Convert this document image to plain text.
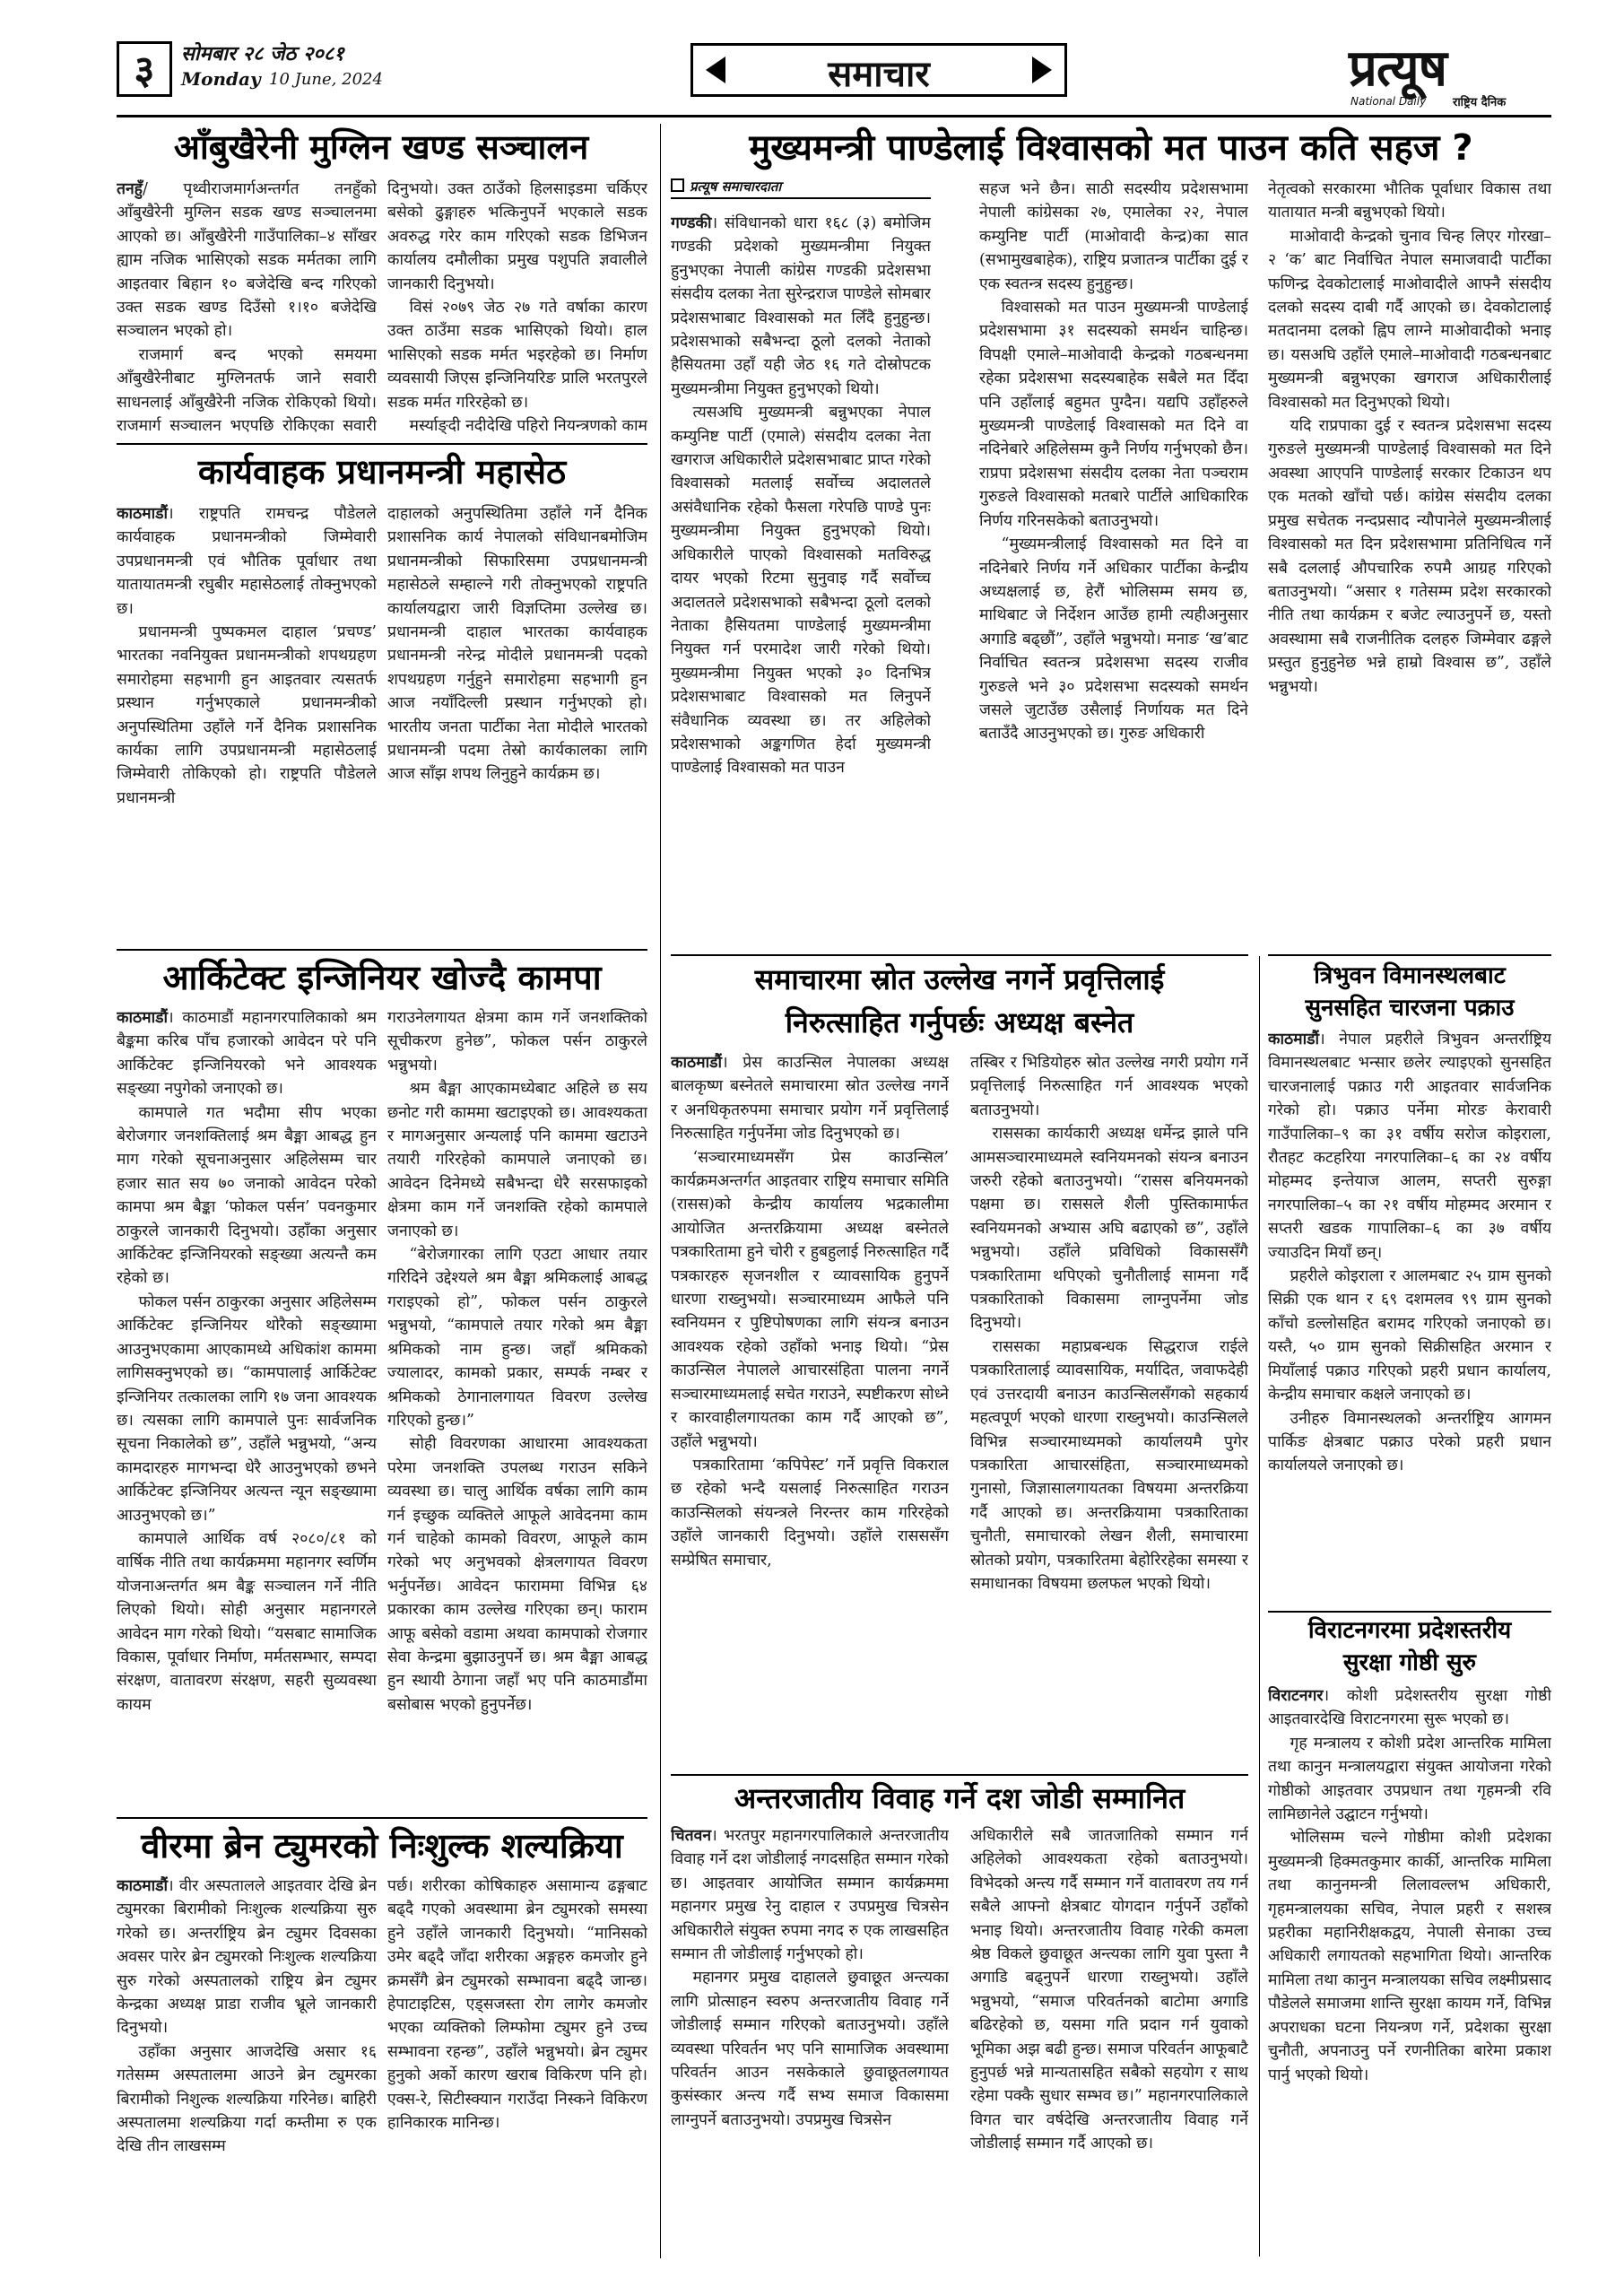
३	सोमबार २८ जेठ २०८१
Monday 10 June, 2024	समाचार	प्रत्यूष
National Daily राष्ट्रिय दैनिक
आँबुखैरेनी मुग्लिन खण्ड सञ्चालन

तनहुँ/ पृथ्वीराजमार्गअन्तर्गत तनहुँको आँबुखैरेनी मुग्लिन सडक खण्ड सञ्चालनमा आएको छ। आँबुखैरेनी गाउँपालिका–४ साँखर ह्याम नजिक भासिएको सडक मर्मतका लागि आइतवार बिहान १० बजेदेखि बन्द गरिएको उक्त सडक खण्ड दिउँसो १।१० बजेदेखि सञ्चालन भएको हो।
राजमार्ग बन्द भएको समयमा आँबुखैरेनीबाट मुग्लिनतर्फ जाने सवारी साधनलाई आँबुखैरेनी नजिक रोकिएको थियो। राजमार्ग सञ्चालन भएपछि रोकिएका सवारी

दिनुभयो। उक्त ठाउँको हिलसाइडमा चर्किएर बसेको ढुङ्गाहरु भत्किनुपर्ने भएकाले सडक अवरुद्ध गरेर काम गरिएको सडक डिभिजन कार्यालय दमौलीका प्रमुख पशुपति ज्ञवालीले जानकारी दिनुभयो।
विसं २०७९ जेठ २७ गते वर्षाका कारण उक्त ठाउँमा सडक भासिएको थियो। हाल भासिएको सडक मर्मत भइरहेको छ। निर्माण व्यवसायी जिएस इन्जिनियरिङ प्रालि भरतपुरले सडक मर्मत गरिरहेको छ।
मर्स्याङ्दी नदीदेखि पहिरो नियन्त्रणको काम

कार्यवाहक प्रधानमन्त्री महासेठ

काठमाडौं। राष्ट्रपति रामचन्द्र पौडेलले कार्यवाहक प्रधानमन्त्रीको जिम्मेवारी उपप्रधानमन्त्री एवं भौतिक पूर्वाधार तथा यातायातमन्त्री रघुबीर महासेठलाई तोक्नुभएको छ।
प्रधानमन्त्री पुष्पकमल दाहाल ‘प्रचण्ड’ भारतका नवनियुक्त प्रधानमन्त्रीको शपथग्रहण समारोहमा सहभागी हुन आइतवार त्यसतर्फ प्रस्थान गर्नुभएकाले प्रधानमन्त्रीको अनुपस्थितिमा उहाँले गर्ने दैनिक प्रशासनिक कार्यका लागि उपप्रधानमन्त्री महासेठलाई जिम्मेवारी तोकिएको हो। राष्ट्रपति पौडेलले प्रधानमन्त्री

दाहालको अनुपस्थितिमा उहाँले गर्ने दैनिक प्रशासनिक कार्य नेपालको संविधानबमोजिम प्रधानमन्त्रीको सिफारिसमा उपप्रधानमन्त्री महासेठले सम्हाल्ने गरी तोक्नुभएको राष्ट्रपति कार्यालयद्वारा जारी विज्ञप्तिमा उल्लेख छ। प्रधानमन्त्री दाहाल भारतका कार्यवाहक प्रधानमन्त्री नरेन्द्र मोदीले प्रधानमन्त्री पदको शपथग्रहण गर्नुहुने समारोहमा सहभागी हुन आज नयाँदिल्ली प्रस्थान गर्नुभएको हो। भारतीय जनता पार्टीका नेता मोदीले भारतको प्रधानमन्त्री पदमा तेस्रो कार्यकालका लागि आज साँझ शपथ लिनुहुने कार्यक्रम छ।

आर्किटेक्ट इन्जिनियर खोज्दै कामपा

काठमाडौं। काठमाडौं महानगरपालिकाको श्रम बैङ्कमा करिब पाँच हजारको आवेदन परे पनि आर्किटेक्ट इन्जिनियरको भने आवश्यक सङ्ख्या नपुगेको जनाएको छ।
कामपाले गत भदौमा सीप भएका बेरोजगार जनशक्तिलाई श्रम बैङ्मा आबद्ध हुन माग गरेको सूचनाअनुसार अहिलेसम्म चार हजार सात सय ७० जनाको आवेदन परेको कामपा श्रम बैङ्का ‘फोकल पर्सन’ पवनकुमार ठाकुरले जानकारी दिनुभयो। उहाँका अनुसार आर्किटेक्ट इन्जिनियरको सङ्ख्या अत्यन्तै कम रहेको छ।
फोकल पर्सन ठाकुरका अनुसार अहिलेसम्म आर्किटेक्ट इन्जिनियर थोरैको सङ्ख्यामा आउनुभएकामा आएकामध्ये अधिकांश काममा लागिसक्नुभएको छ। “कामपालाई आर्किटेक्ट इन्जिनियर तत्कालका लागि १७ जना आवश्यक छ। त्यसका लागि कामपाले पुनः सार्वजनिक सूचना निकालेको छ”, उहाँले भन्नुभयो, “अन्य कामदारहरु मागभन्दा धेरै आउनुभएको छभने आर्किटेक्ट इन्जिनियर अत्यन्त न्यून सङ्ख्यामा आउनुभएको छ।”
कामपाले आर्थिक वर्ष २०८०/८१ को वार्षिक नीति तथा कार्यक्रममा महानगर स्वर्णिम योजनाअन्तर्गत श्रम बैङ्क सञ्चालन गर्ने नीति लिएको थियो। सोही अनुसार महानगरले आवेदन माग गरेको थियो। “यसबाट सामाजिक विकास, पूर्वाधार निर्माण, मर्मतसम्भार, सम्पदा संरक्षण, वातावरण संरक्षण, सहरी सुव्यवस्था कायम

गराउनेलगायत क्षेत्रमा काम गर्ने जनशक्तिको सूचीकरण हुनेछ”, फोकल पर्सन ठाकुरले भन्नुभयो।
श्रम बैङ्मा आएकामध्येबाट अहिले छ सय छनोट गरी काममा खटाइएको छ। आवश्यकता र मागअनुसार अन्यलाई पनि काममा खटाउने तयारी गरिरहेको कामपाले जनाएको छ। आवेदन दिनेमध्ये सबैभन्दा धेरै सरसफाइको क्षेत्रमा काम गर्ने जनशक्ति रहेको कामपाले जनाएको छ।
“बेरोजगारका लागि एउटा आधार तयार गरिदिने उद्देश्यले श्रम बैङ्मा श्रमिकलाई आबद्ध गराइएको हो”, फोकल पर्सन ठाकुरले भन्नुभयो, “कामपाले तयार गरेको श्रम बैङ्मा श्रमिकको नाम हुन्छ। जहाँ श्रमिकको ज्यालादर, कामको प्रकार, सम्पर्क नम्बर र श्रमिकको ठेगानालगायत विवरण उल्लेख गरिएको हुन्छ।”
सोही विवरणका आधारमा आवश्यकता परेमा जनशक्ति उपलब्ध गराउन सकिने व्यवस्था छ। चालु आर्थिक वर्षका लागि काम गर्न इच्छुक व्यक्तिले आफूले आवेदनमा काम गर्न चाहेको कामको विवरण, आफूले काम गरेको भए अनुभवको क्षेत्रलगायत विवरण भर्नुपर्नेछ। आवेदन फाराममा विभिन्न ६४ प्रकारका काम उल्लेख गरिएका छन्। फाराम आफू बसेको वडामा अथवा कामपाको रोजगार सेवा केन्द्रमा बुझाउनुपर्ने छ। श्रम बैङ्मा आबद्ध हुन स्थायी ठेगाना जहाँ भए पनि काठमाडौंमा बसोबास भएको हुनुपर्नेछ।

वीरमा ब्रेन ट्युमरको निःशुल्क शल्यक्रिया

काठमाडौं। वीर अस्पतालले आइतवार देखि ब्रेन ट्युमरका बिरामीको निःशुल्क शल्यक्रिया सुरु गरेको छ। अन्तर्राष्ट्रिय ब्रेन ट्युमर दिवसका अवसर पारेर ब्रेन ट्युमरको निःशुल्क शल्यक्रिया सुरु गरेको अस्पतालको राष्ट्रिय ब्रेन ट्युमर केन्द्रका अध्यक्ष प्राडा राजीव भ्रूले जानकारी दिनुभयो।
उहाँका अनुसार आजदेखि असार १६ गतेसम्म अस्पतालमा आउने ब्रेन ट्युमरका बिरामीको निशुल्क शल्यक्रिया गरिनेछ। बाहिरी अस्पतालमा शल्यक्रिया गर्दा कम्तीमा रु एक देखि तीन लाखसम्म

पर्छ। शरीरका कोषिकाहरु असामान्य ढङ्गबाट बढ्दै गएको अवस्थामा ब्रेन ट्युमरको समस्या हुने उहाँले जानकारी दिनुभयो। “मानिसको उमेर बढ्दै जाँदा शरीरका अङ्गहरु कमजोर हुने क्रमसँगै ब्रेन ट्युमरको सम्भावना बढ्दै जान्छ। हेपाटाइटिस, एड्सजस्ता रोग लागेर कमजोर भएका व्यक्तिको लिम्फोमा ट्युमर हुने उच्च सम्भावना रहन्छ”, उहाँले भन्नुभयो। ब्रेन ट्युमर हुनुको अर्को कारण खराब विकिरण पनि हो। एक्स-रे, सिटीस्क्यान गराउँदा निस्कने विकिरण हानिकारक मानिन्छ।

मुख्यमन्त्री पाण्डेलाई विश्वासको मत पाउन कति सहज ?
प्रत्यूष समाचारदाता

गण्डकी। संविधानको धारा १६८ (३) बमोजिम गण्डकी प्रदेशको मुख्यमन्त्रीमा नियुक्त हुनुभएका नेपाली कांग्रेस गण्डकी प्रदेशसभा संसदीय दलका नेता सुरेन्द्रराज पाण्डेले सोमबार प्रदेशसभाबाट विश्वासको मत लिँदै हुनुहुन्छ। प्रदेशसभाको सबैभन्दा ठूलो दलको नेताको हैसियतमा उहाँ यही जेठ १६ गते दोस्रोपटक मुख्यमन्त्रीमा नियुक्त हुनुभएको थियो।
त्यसअघि मुख्यमन्त्री बन्नुभएका नेपाल कम्युनिष्ट पार्टी (एमाले) संसदीय दलका नेता खगराज अधिकारीले प्रदेशसभाबाट प्राप्त गरेको विश्वासको मतलाई सर्वोच्च अदालतले असंवैधानिक रहेको फैसला गरेपछि पाण्डे पुनः मुख्यमन्त्रीमा नियुक्त हुनुभएको थियो। अधिकारीले पाएको विश्वासको मतविरुद्ध दायर भएको रिटमा सुनुवाइ गर्दै सर्वोच्च अदालतले प्रदेशसभाको सबैभन्दा ठूलो दलको नेताका हैसियतमा पाण्डेलाई मुख्यमन्त्रीमा नियुक्त गर्न परमादेश जारी गरेको थियो। मुख्यमन्त्रीमा नियुक्त भएको ३० दिनभित्र प्रदेशसभाबाट विश्वासको मत लिनुपर्ने संवैधानिक व्यवस्था छ। तर अहिलेको प्रदेशसभाको अङ्कगणित हेर्दा मुख्यमन्त्री पाण्डेलाई विश्वासको मत पाउन

सहज भने छैन। साठी सदस्यीय प्रदेशसभामा नेपाली कांग्रेसका २७, एमालेका २२, नेपाल कम्युनिष्ट पार्टी (माओवादी केन्द्र)का सात (सभामुखबाहेक), राष्ट्रिय प्रजातन्त्र पार्टीका दुई र एक स्वतन्त्र सदस्य हुनुहुन्छ।
विश्वासको मत पाउन मुख्यमन्त्री पाण्डेलाई प्रदेशसभामा ३१ सदस्यको समर्थन चाहिन्छ। विपक्षी एमाले–माओवादी केन्द्रको गठबन्धनमा रहेका प्रदेशसभा सदस्यबाहेक सबैले मत दिँदा पनि उहाँलाई बहुमत पुग्दैन। यद्यपि उहाँहरुले मुख्यमन्त्री पाण्डेलाई विश्वासको मत दिने वा नदिनेबारे अहिलेसम्म कुनै निर्णय गर्नुभएको छैन। राप्रपा प्रदेशसभा संसदीय दलका नेता पञ्चराम गुरुङले विश्वासको मतबारे पार्टीले आधिकारिक निर्णय गरिनसकेको बताउनुभयो।
“मुख्यमन्त्रीलाई विश्वासको मत दिने वा नदिनेबारे निर्णय गर्ने अधिकार पार्टीका केन्द्रीय अध्यक्षलाई छ, हेरौं भोलिसम्म समय छ, माथिबाट जे निर्देशन आउँछ हामी त्यहीअनुसार अगाडि बढ्छौं”, उहाँले भन्नुभयो। मनाङ ‘ख’बाट निर्वाचित स्वतन्त्र प्रदेशसभा सदस्य राजीव गुरुङले भने ३० प्रदेशसभा सदस्यको समर्थन जसले जुटाउँछ उसैलाई निर्णायक मत दिने बताउँदै आउनुभएको छ। गुरुङ अधिकारी

नेतृत्वको सरकारमा भौतिक पूर्वाधार विकास तथा यातायात मन्त्री बन्नुभएको थियो।
माओवादी केन्द्रको चुनाव चिन्ह लिएर गोरखा–२ ‘क’ बाट निर्वाचित नेपाल समाजवादी पार्टीका फणिन्द्र देवकोटालाई माओवादीले आफ्नै संसदीय दलको सदस्य दाबी गर्दै आएको छ। देवकोटालाई मतदानमा दलको ह्विप लाग्ने माओवादीको भनाइ छ। यसअघि उहाँले एमाले–माओवादी गठबन्धनबाट मुख्यमन्त्री बन्नुभएका खगराज अधिकारीलाई विश्वासको मत दिनुभएको थियो।
यदि राप्रपाका दुई र स्वतन्त्र प्रदेशसभा सदस्य गुरुङले मुख्यमन्त्री पाण्डेलाई विश्वासको मत दिने अवस्था आएपनि पाण्डेलाई सरकार टिकाउन थप एक मतको खाँचो पर्छ। कांग्रेस संसदीय दलका प्रमुख सचेतक नन्दप्रसाद न्यौपानेले मुख्यमन्त्रीलाई विश्वासको मत दिन प्रदेशसभामा प्रतिनिधित्व गर्ने सबै दललाई औपचारिक रुपमै आग्रह गरिएको बताउनुभयो। “असार १ गतेसम्म प्रदेश सरकारको नीति तथा कार्यक्रम र बजेट ल्याउनुपर्ने छ, यस्तो अवस्थामा सबै राजनीतिक दलहरु जिम्मेवार ढङ्गले प्रस्तुत हुनुहुनेछ भन्ने हाम्रो विश्वास छ”, उहाँले भन्नुभयो।

समाचारमा स्रोत उल्लेख नगर्ने प्रवृत्तिलाई
निरुत्साहित गर्नुपर्छः अध्यक्ष बस्नेत

काठमाडौं। प्रेस काउन्सिल नेपालका अध्यक्ष बालकृष्ण बस्नेतले समाचारमा स्रोत उल्लेख नगर्ने र अनधिकृतरुपमा समाचार प्रयोग गर्ने प्रवृत्तिलाई निरुत्साहित गर्नुपर्नेमा जोड दिनुभएको छ।
‘सञ्चारमाध्यमसँग प्रेस काउन्सिल’ कार्यक्रमअन्तर्गत आइतवार राष्ट्रिय समाचार समिति (रासस)को केन्द्रीय कार्यालय भद्रकालीमा आयोजित अन्तरक्रियामा अध्यक्ष बस्नेतले पत्रकारितामा हुने चोरी र हुबहुलाई निरुत्साहित गर्दै पत्रकारहरु सृजनशील र व्यावसायिक हुनुपर्ने धारणा राख्नुभयो। सञ्चारमाध्यम आफैले पनि स्वनियमन र पुष्टिपोषणका लागि संयन्त्र बनाउन आवश्यक रहेको उहाँको भनाइ थियो। “प्रेस काउन्सिल नेपालले आचारसंहिता पालना नगर्ने सञ्चारमाध्यमलाई सचेत गराउने, स्पष्टीकरण सोध्ने र कारवाहीलगायतका काम गर्दै आएको छ”, उहाँले भन्नुभयो।
पत्रकारितामा ‘कपिपेस्ट’ गर्ने प्रवृत्ति विकराल छ रहेको भन्दै यसलाई निरुत्साहित गराउन काउन्सिलको संयन्त्रले निरन्तर काम गरिरहेको उहाँले जानकारी दिनुभयो। उहाँले रासससँग सम्प्रेषित समाचार,

तस्बिर र भिडियोहरु स्रोत उल्लेख नगरी प्रयोग गर्ने प्रवृत्तिलाई निरुत्साहित गर्न आवश्यक भएको बताउनुभयो।
राससका कार्यकारी अध्यक्ष धर्मेन्द्र झाले पनि आमसञ्चारमाध्यमले स्वनियमनको संयन्त्र बनाउन जरुरी रहेको बताउनुभयो। “रासस बनियमनको पक्षमा छ। राससले शैली पुस्तिकामार्फत स्वनियमनको अभ्यास अघि बढाएको छ”, उहाँले भन्नुभयो। उहाँले प्रविधिको विकाससँगै पत्रकारितामा थपिएको चुनौतीलाई सामना गर्दै पत्रकारिताको विकासमा लाग्नुपर्नेमा जोड दिनुभयो।
राससका महाप्रबन्धक सिद्धराज राईले पत्रकारितालाई व्यावसायिक, मर्यादित, जवाफदेही एवं उत्तरदायी बनाउन काउन्सिलसँगको सहकार्य महत्वपूर्ण भएको धारणा राख्नुभयो। काउन्सिलले विभिन्न सञ्चारमाध्यमको कार्यालयमै पुगेर पत्रकारिता आचारसंहिता, सञ्चारमाध्यमको गुनासो, जिज्ञासालगायतका विषयमा अन्तरक्रिया गर्दै आएको छ। अन्तरक्रियामा पत्रकारिताका चुनौती, समाचारको लेखन शैली, समाचारमा स्रोतको प्रयोग, पत्रकारितमा बेहोरिरहेका समस्या र समाधानका विषयमा छलफल भएको थियो।

अन्तरजातीय विवाह गर्ने दश जोडी सम्मानित

चितवन। भरतपुर महानगरपालिकाले अन्तरजातीय विवाह गर्ने दश जोडीलाई नगदसहित सम्मान गरेको छ। आइतवार आयोजित सम्मान कार्यक्रममा महानगर प्रमुख रेनु दाहाल र उपप्रमुख चित्रसेन अधिकारीले संयुक्त रुपमा नगद रु एक लाखसहित सम्मान ती जोडीलाई गर्नुभएको हो।
महानगर प्रमुख दाहालले छुवाछूत अन्त्यका लागि प्रोत्साहन स्वरुप अन्तरजातीय विवाह गर्ने जोडीलाई सम्मान गरिएको बताउनुभयो। उहाँले व्यवस्था परिवर्तन भए पनि सामाजिक अवस्थामा परिवर्तन आउन नसकेकाले छुवाछूतलगायत कुसंस्कार अन्त्य गर्दै सभ्य समाज विकासमा लाग्नुपर्ने बताउनुभयो। उपप्रमुख चित्रसेन

अधिकारीले सबै जातजातिको सम्मान गर्न अहिलेको आवश्यकता रहेको बताउनुभयो। विभेदको अन्त्य गर्दै सम्मान गर्ने वातावरण तय गर्न सबैले आफ्नो क्षेत्रबाट योगदान गर्नुपर्ने उहाँको भनाइ थियो। अन्तरजातीय विवाह गरेकी कमला श्रेष्ठ विकले छुवाछूत अन्त्यका लागि युवा पुस्ता नै अगाडि बढ्नुपर्ने धारणा राख्नुभयो। उहाँले भन्नुभयो, “समाज परिवर्तनको बाटोमा अगाडि बढिरहेको छ, यसमा गति प्रदान गर्न युवाको भूमिका अझ बढी हुन्छ। समाज परिवर्तन आफूबाटै हुनुपर्छ भन्ने मान्यतासहित सबैको सहयोग र साथ रहेमा पक्कै सुधार सम्भव छ।” महानगरपालिकाले विगत चार वर्षदेखि अन्तरजातीय विवाह गर्ने जोडीलाई सम्मान गर्दै आएको छ।

त्रिभुवन विमानस्थलबाट
सुनसहित चारजना पक्राउ

काठमाडौं। नेपाल प्रहरीले त्रिभुवन अन्तर्राष्ट्रिय विमानस्थलबाट भन्सार छलेर ल्याइएको सुनसहित चारजनालाई पक्राउ गरी आइतवार सार्वजनिक गरेको हो। पक्राउ पर्नेमा मोरङ केरावारी गाउँपालिका–९ का ३१ वर्षीय सरोज कोइराला, रौतहट कटहरिया नगरपालिका–६ का २४ वर्षीय मोहम्मद इन्तेयाज आलम, सप्तरी सुरुङ्गा नगरपालिका–५ का २१ वर्षीय मोहम्मद अरमान र सप्तरी खडक गापालिका–६ का ३७ वर्षीय ज्याउदिन मियाँ छन्।
प्रहरीले कोइराला र आलमबाट २५ ग्राम सुनको सिक्री एक थान र ६९ दशमलव ९९ ग्राम सुनको काँचो डल्लोसहित बरामद गरिएको जनाएको छ। यस्तै, ५० ग्राम सुनको सिक्रीसहित अरमान र मियाँलाई पक्राउ गरिएको प्रहरी प्रधान कार्यालय, केन्द्रीय समाचार कक्षले जनाएको छ।
उनीहरु विमानस्थलको अन्तर्राष्ट्रिय आगमन पार्किङ क्षेत्रबाट पक्राउ परेको प्रहरी प्रधान कार्यालयले जनाएको छ।

विराटनगरमा प्रदेशस्तरीय
सुरक्षा गोष्ठी सुरु

विराटनगर। कोशी प्रदेशस्तरीय सुरक्षा गोष्ठी आइतवारदेखि विराटनगरमा सुरू भएको छ।
गृह मन्त्रालय र कोशी प्रदेश आन्तरिक मामिला तथा कानुन मन्त्रालयद्वारा संयुक्त आयोजना गरेको गोष्ठीको आइतवार उपप्रधान तथा गृहमन्त्री रवि लामिछानेले उद्घाटन गर्नुभयो।
भोलिसम्म चल्ने गोष्ठीमा कोशी प्रदेशका मुख्यमन्त्री हिक्मतकुमार कार्की, आन्तरिक मामिला तथा कानुनमन्त्री लिलावल्लभ अधिकारी, गृहमन्त्रालयका सचिव, नेपाल प्रहरी र सशस्त्र प्रहरीका महानिरीक्षकद्वय, नेपाली सेनाका उच्च अधिकारी लगायतको सहभागिता थियो। आन्तरिक मामिला तथा कानुन मन्त्रालयका सचिव लक्ष्मीप्रसाद पौडेलले समाजमा शान्ति सुरक्षा कायम गर्ने, विभिन्न अपराधका घटना नियन्त्रण गर्ने, प्रदेशका सुरक्षा चुनौती, अपनाउनु पर्ने रणनीतिका बारेमा प्रकाश पार्नु भएको थियो।
